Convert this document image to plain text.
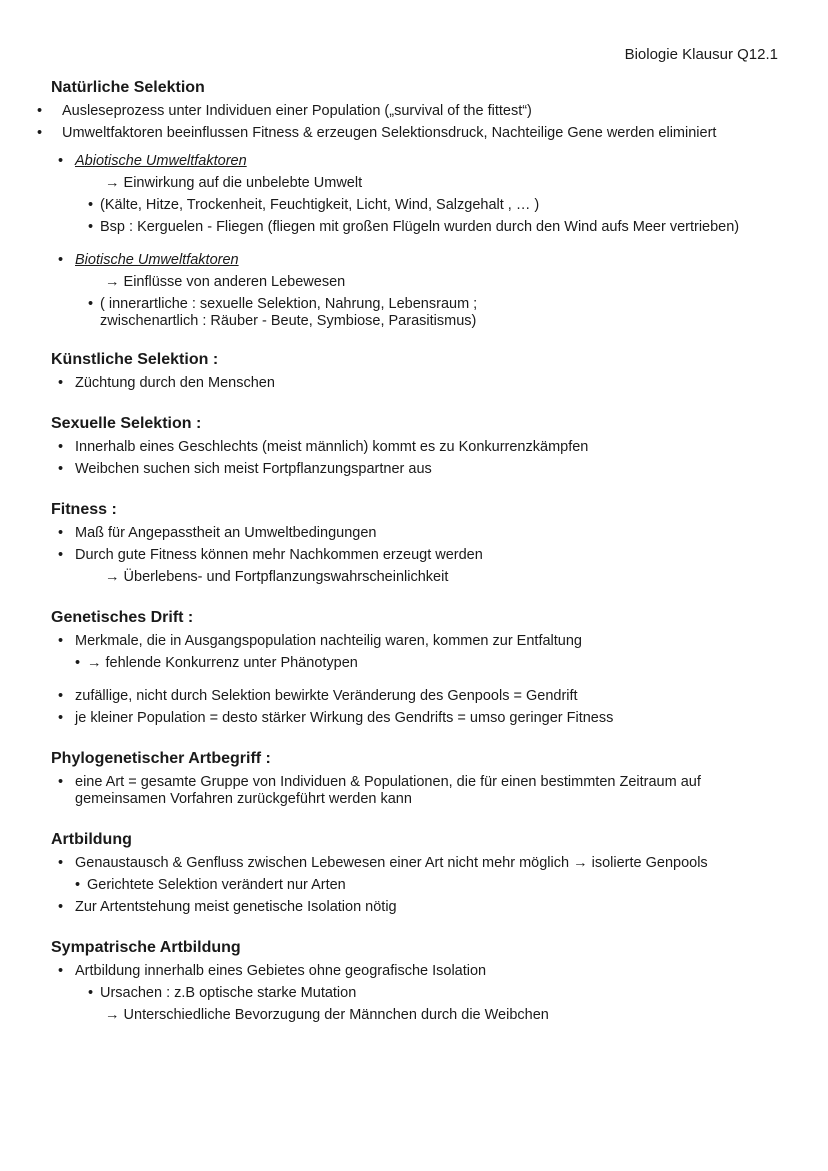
Biologie Klausur Q12.1
Natürliche Selektion
• Ausleseprozess unter Individuen einer Population („survival of the fittest“)
• Umweltfaktoren beeinflussen Fitness & erzeugen Selektionsdruck, Nachteilige Gene werden eliminiert
• Abiotische Umweltfaktoren
→ Einwirkung auf die unbelebte Umwelt
• (Kälte, Hitze, Trockenheit, Feuchtigkeit, Licht, Wind, Salzgehalt , … )
• Bsp : Kerguelen - Fliegen (fliegen mit großen Flügeln wurden durch den Wind aufs Meer vertrieben)
• Biotische Umweltfaktoren
→ Einflüsse von anderen Lebewesen
• ( innerartliche : sexuelle Selektion, Nahrung, Lebensraum ;
zwischenartlich : Räuber - Beute, Symbiose, Parasitismus)
Künstliche Selektion :
• Züchtung durch den Menschen
Sexuelle Selektion :
• Innerhalb eines Geschlechts (meist männlich) kommt es zu Konkurrenzkämpfen
• Weibchen suchen sich meist Fortpflanzungspartner aus
Fitness :
• Maß für Angepasstheit an Umweltbedingungen
• Durch gute Fitness können mehr Nachkommen erzeugt werden
→ Überlebens- und Fortpflanzungswahrscheinlichkeit
Genetisches Drift :
• Merkmale, die in Ausgangspopulation nachteilig waren, kommen zur Entfaltung
• → fehlende Konkurrenz unter Phänotypen
• zufällige, nicht durch Selektion bewirkte Veränderung des Genpools = Gendrift
• je kleiner Population = desto stärker Wirkung des Gendrifts = umso geringer Fitness
Phylogenetischer Artbegriff :
• eine Art = gesamte Gruppe von Individuen & Populationen, die für einen bestimmten Zeitraum auf
gemeinsamen Vorfahren zurückgeführt werden kann
Artbildung
• Genaustausch & Genfluss zwischen Lebewesen einer Art nicht mehr möglich → isolierte Genpools
• Gerichtete Selektion verändert nur Arten
• Zur Artentstehung meist genetische Isolation nötig
Sympatrische Artbildung
• Artbildung innerhalb eines Gebietes ohne geografische Isolation
• Ursachen : z.B optische starke Mutation
→ Unterschiedliche Bevorzugung der Männchen durch die Weibchen
